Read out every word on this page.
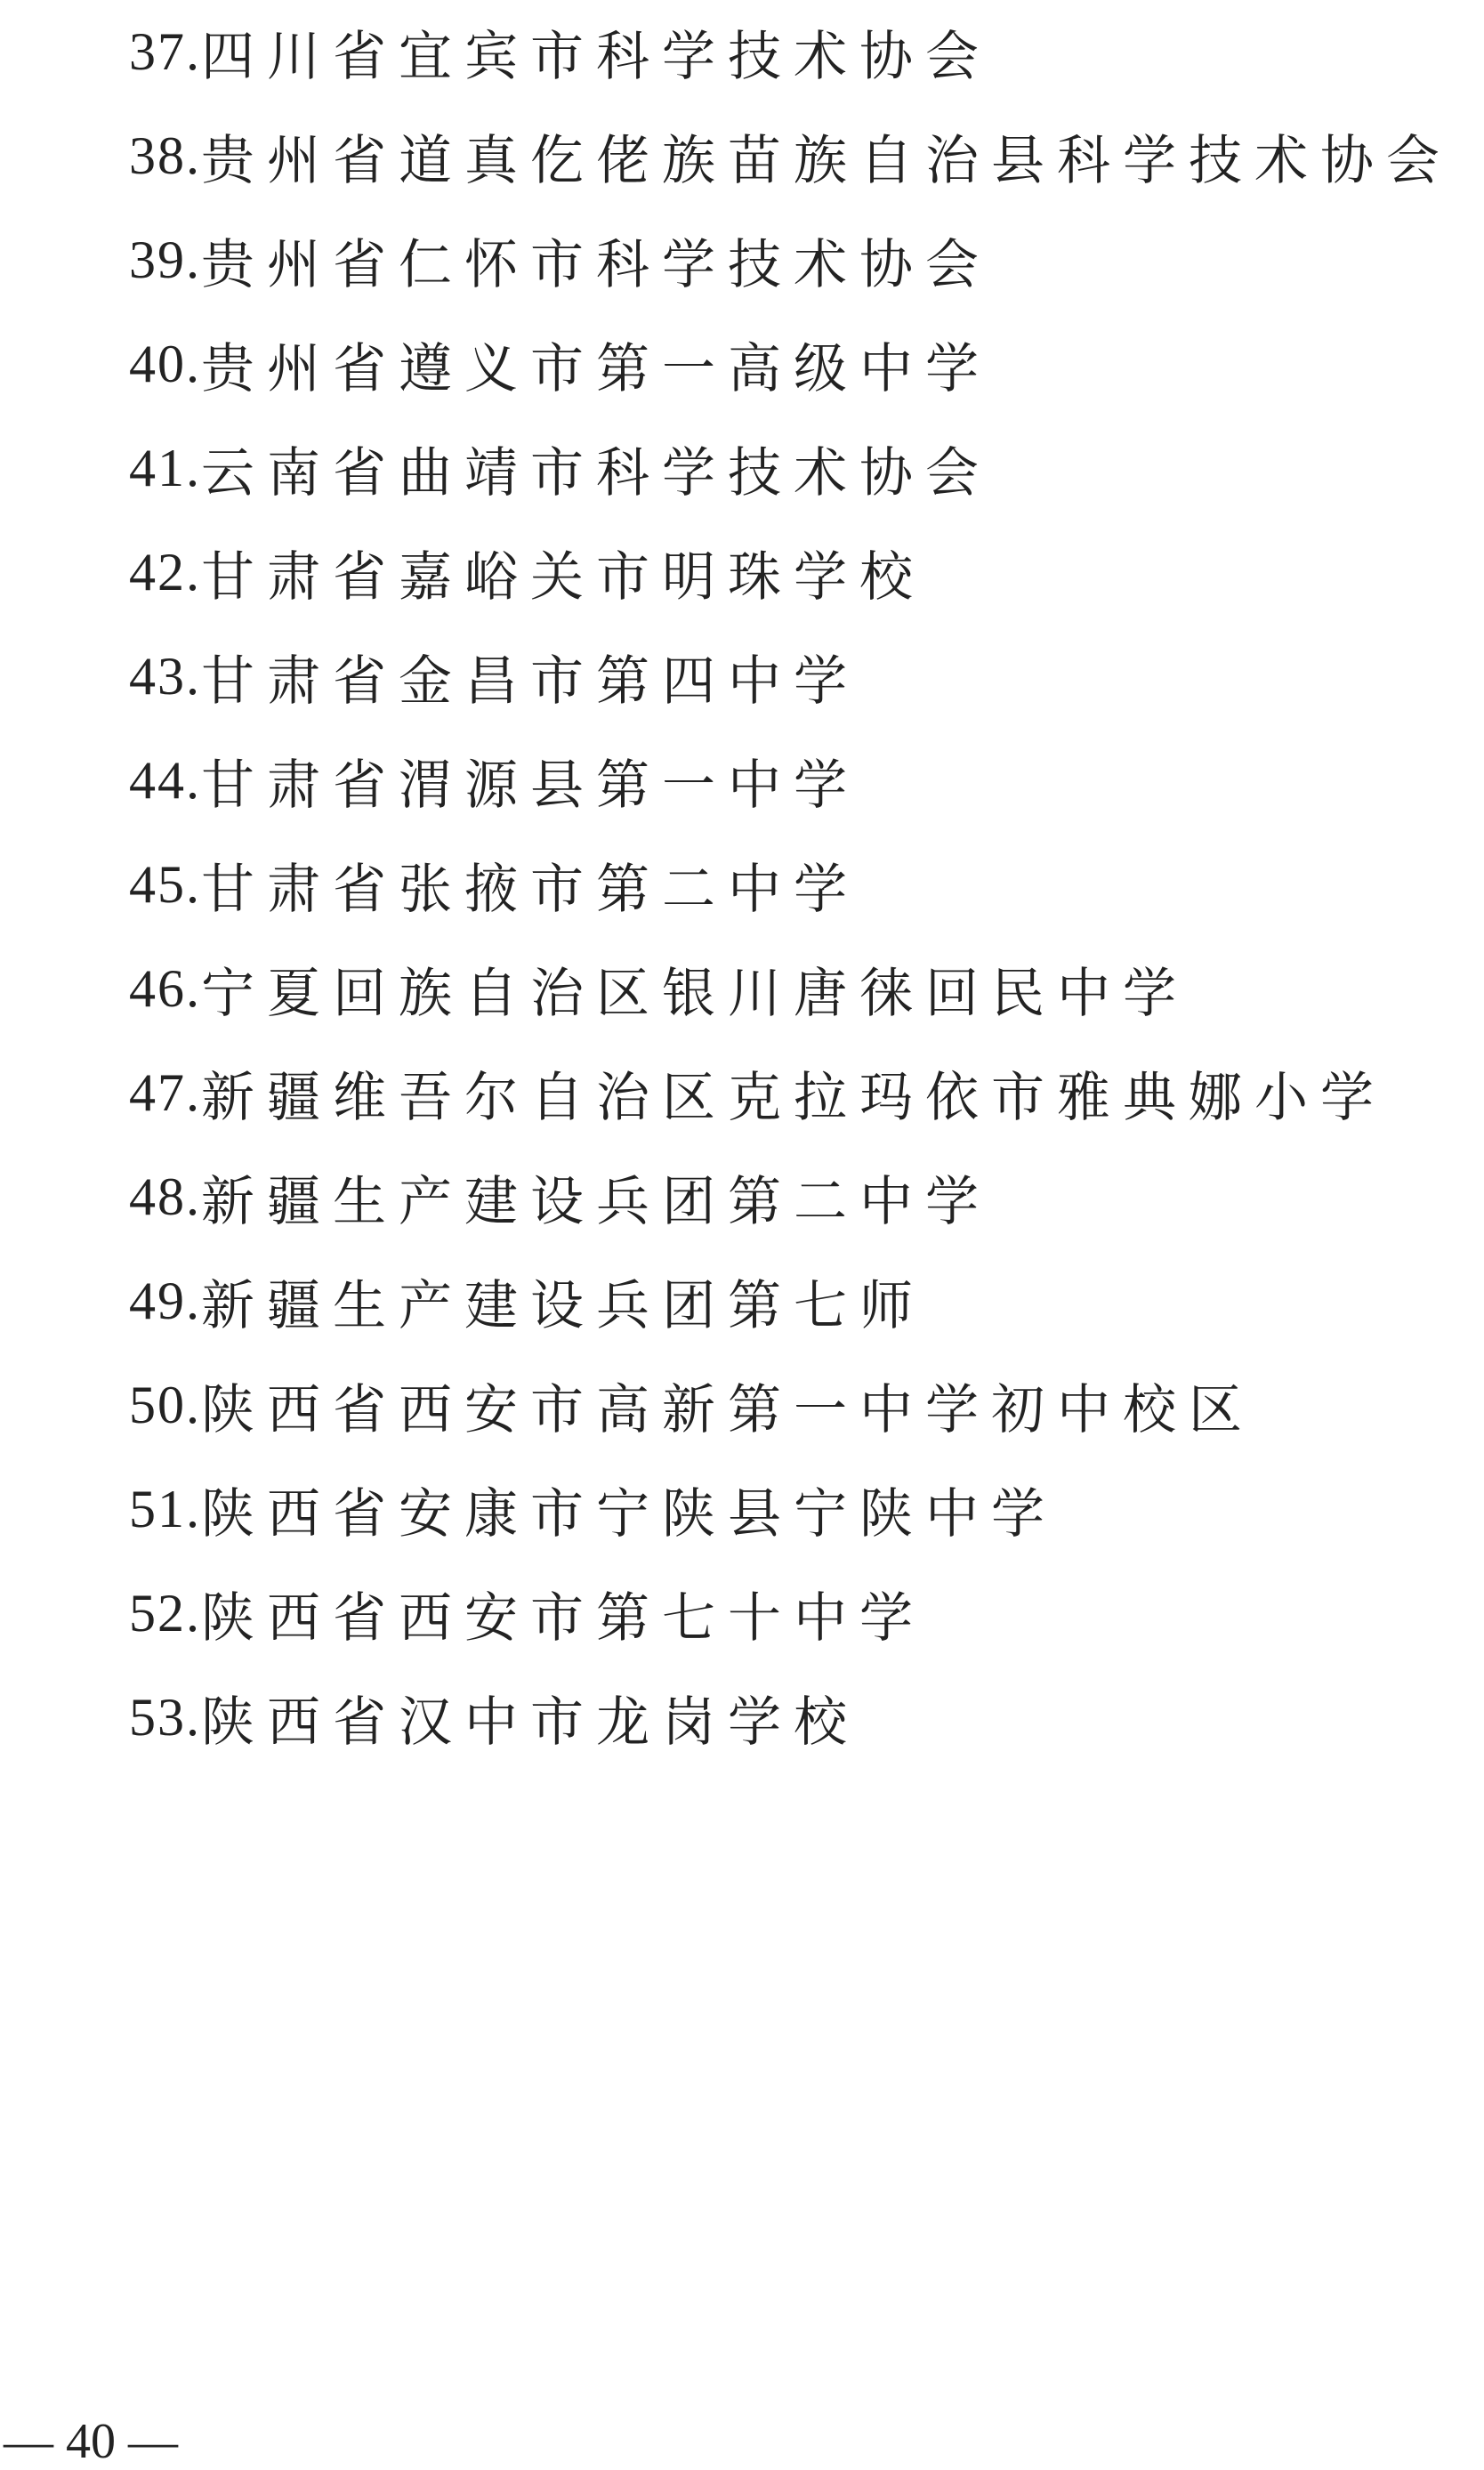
37. 四川省宜宾市科学技术协会
38. 贵州省道真仡佬族苗族自治县科学技术协会
39. 贵州省仁怀市科学技术协会
40. 贵州省遵义市第一高级中学
41. 云南省曲靖市科学技术协会
42. 甘肃省嘉峪关市明珠学校
43. 甘肃省金昌市第四中学
44. 甘肃省渭源县第一中学
45. 甘肃省张掖市第二中学
46. 宁夏回族自治区银川唐徕回民中学
47. 新疆维吾尔自治区克拉玛依市雅典娜小学
48. 新疆生产建设兵团第二中学
49. 新疆生产建设兵团第七师
50. 陕西省西安市高新第一中学初中校区
51. 陕西省安康市宁陕县宁陕中学
52. 陕西省西安市第七十中学
53. 陕西省汉中市龙岗学校
— 40 —
